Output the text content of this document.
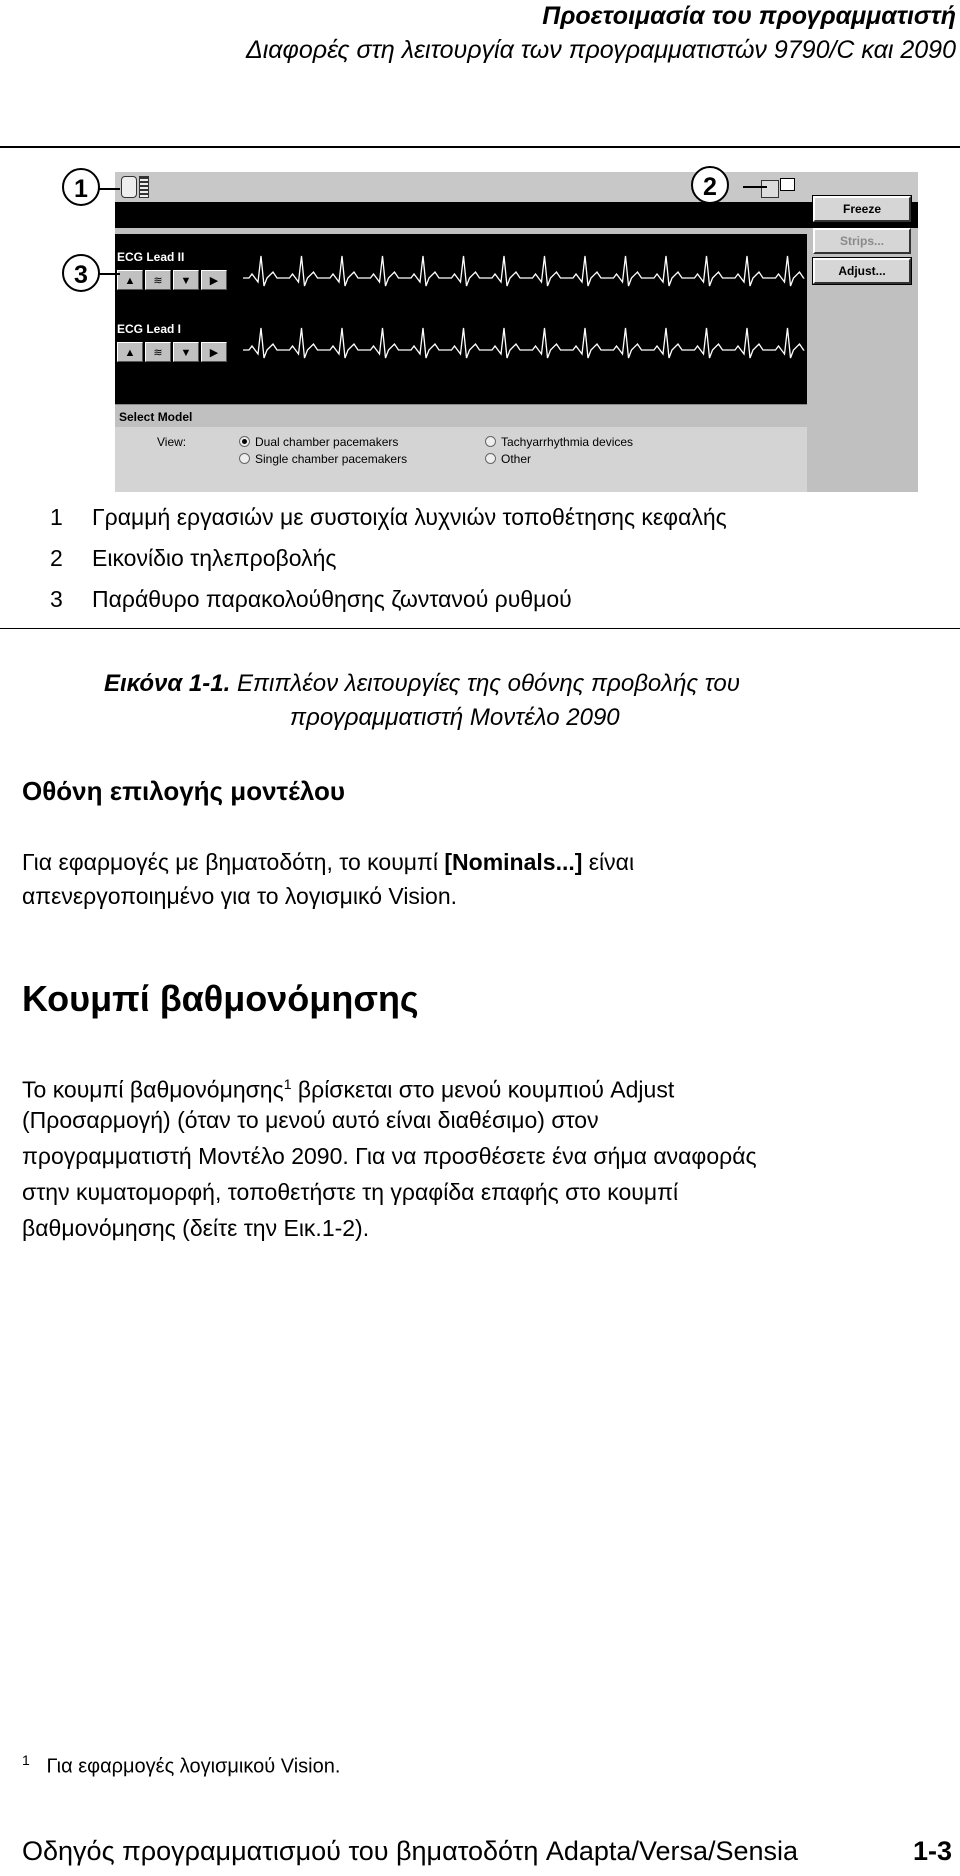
Προετοιμασία του προγραμματιστή
Διαφορές στη λειτουργία των προγραμματιστών 9790/C και 2090
ECG Lead II
▲	≋	▼	▶
ECG Lead I
▲	≋	▼	▶
Freeze
Strips...
Adjust...
Select Model
View:	Dual chamber pacemakers
Single chamber pacemakers
Tachyarrhythmia devices
Other
1	2
3
1 Γραμμή εργασιών με συστοιχία λυχνιών τοποθέτησης κεφαλής
2 Εικονίδιο τηλεπροβολής
3 Παράθυρο παρακολούθησης ζωντανού ρυθμού
Εικόνα 1-1. Επιπλέον λειτουργίες της οθόνης προβολής του
προγραμματιστή Μοντέλο 2090
Οθόνη επιλογής μοντέλου
Για εφαρμογές με βηματοδότη, το κουμπί [Nominals...] είναι
απενεργοποιημένο για το λογισμικό Vision.
Κουμπί βαθμονόμησης
Το κουμπί βαθμονόμησης$^1$ βρίσκεται στο μενού κουμπιού Adjust
(Προσαρμογή) (όταν το μενού αυτό είναι διαθέσιμο) στον
προγραμματιστή Μοντέλο 2090. Για να προσθέσετε ένα σήμα αναφοράς
στην κυματομορφή, τοποθετήστε τη γραφίδα επαφής στο κουμπί
βαθμονόμησης (δείτε την Εικ.1-2).
$^1$ Για εφαρμογές λογισμικού Vision.
Οδηγός προγραμματισμού του βηματοδότη Adapta/Versa/Sensia	1-3
